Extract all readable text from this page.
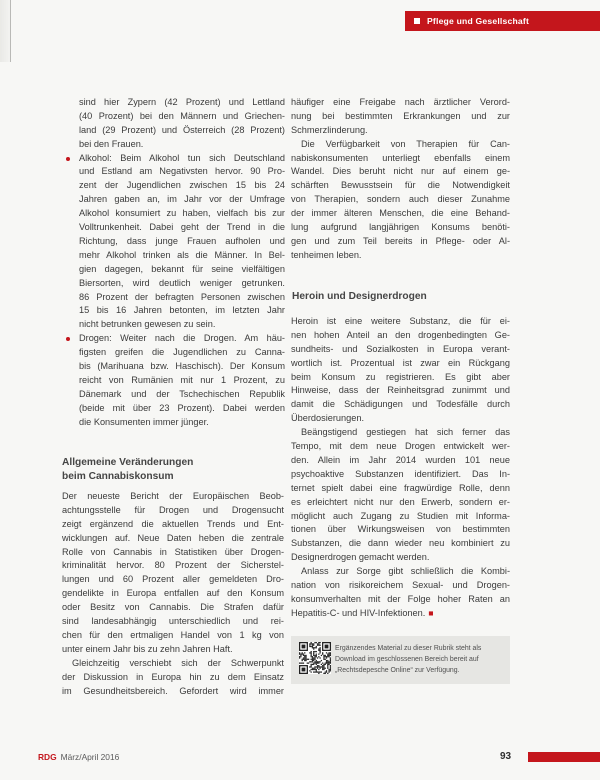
Pflege und Gesellschaft
sind hier Zypern (42 Prozent) und Lettland
(40 Prozent) bei den Männern und Griechen-
land (29 Prozent) und Österreich (28 Prozent)
bei den Frauen.
Alkohol: Beim Alkohol tun sich Deutschland
und Estland am Negativsten hervor. 90 Pro-
zent der Jugendlichen zwischen 15 bis 24
Jahren gaben an, im Jahr vor der Umfrage
Alkohol konsumiert zu haben, vielfach bis zur
Volltrunkenheit. Dabei geht der Trend in die
Richtung, dass junge Frauen aufholen und
mehr Alkohol trinken als die Männer. In Bel-
gien dagegen, bekannt für seine vielfältigen
Biersorten, wird deutlich weniger getrunken.
86 Prozent der befragten Personen zwischen
15 bis 16 Jahren betonten, im letzten Jahr
nicht betrunken gewesen zu sein.
Drogen: Weiter nach die Drogen. Am häu-
figsten greifen die Jugendlichen zu Canna-
bis (Marihuana bzw. Haschisch). Der Konsum
reicht von Rumänien mit nur 1 Prozent, zu
Dänemark und der Tschechischen Republik
(beide mit über 23 Prozent). Dabei werden
die Konsumenten immer jünger.
Allgemeine Veränderungen
beim Cannabiskonsum
Der neueste Bericht der Europäischen Beob-
achtungsstelle für Drogen und Drogensucht
zeigt ergänzend die aktuellen Trends und Ent-
wicklungen auf. Neue Daten heben die zentrale
Rolle von Cannabis in Statistiken über Drogen-
kriminalität hervor. 80 Prozent der Sicherstel-
lungen und 60 Prozent aller gemeldeten Dro-
gendelikte in Europa entfallen auf den Konsum
oder Besitz von Cannabis. Die Strafen dafür
sind landesabhängig unterschiedlich und rei-
chen für den ertmaligen Handel von 1 kg von
unter einem Jahr bis zu zehn Jahren Haft.
Gleichzeitig verschiebt sich der Schwerpunkt
der Diskussion in Europa hin zu dem Einsatz
im Gesundheitsbereich. Gefordert wird immer
häufiger eine Freigabe nach ärztlicher Verord-
nung bei bestimmten Erkrankungen und zur
Schmerzlinderung.
Die Verfügbarkeit von Therapien für Can-
nabiskonsumenten unterliegt ebenfalls einem
Wandel. Dies beruht nicht nur auf einem ge-
schärften Bewusstsein für die Notwendigkeit
von Therapien, sondern auch dieser Zunahme
der immer älteren Menschen, die eine Behand-
lung aufgrund langjährigen Konsums benöti-
gen und zum Teil bereits in Pflege- oder Al-
tenheimen leben.
Heroin und Designerdrogen
Heroin ist eine weitere Substanz, die für ei-
nen hohen Anteil an den drogenbedingten Ge-
sundheits- und Sozialkosten in Europa verant-
wortlich ist. Prozentual ist zwar ein Rückgang
beim Konsum zu registrieren. Es gibt aber
Hinweise, dass der Reinheitsgrad zunimmt und
damit die Schädigungen und Todesfälle durch
Überdosierungen.
Beängstigend gestiegen hat sich ferner das
Tempo, mit dem neue Drogen entwickelt wer-
den. Allein im Jahr 2014 wurden 101 neue
psychoaktive Substanzen identifiziert. Das In-
ternet spielt dabei eine fragwürdige Rolle, denn
es erleichtert nicht nur den Erwerb, sondern er-
möglicht auch Zugang zu Studien mit Informa-
tionen über Wirkungsweisen von bestimmten
Substanzen, die dann wieder neu kombiniert zu
Designerdrogen gemacht werden.
Anlass zur Sorge gibt schließlich die Kombi-
nation von risikoreichem Sexual- und Drogen-
konsumverhalten mit der Folge hoher Raten an
Hepatitis-C- und HIV-Infektionen. ■
Ergänzendes Material zu dieser Rubrik steht als
Download im geschlossenen Bereich bereit auf
„Rechtsdepesche Online“ zur Verfügung.
RDG März/April 2016	93
